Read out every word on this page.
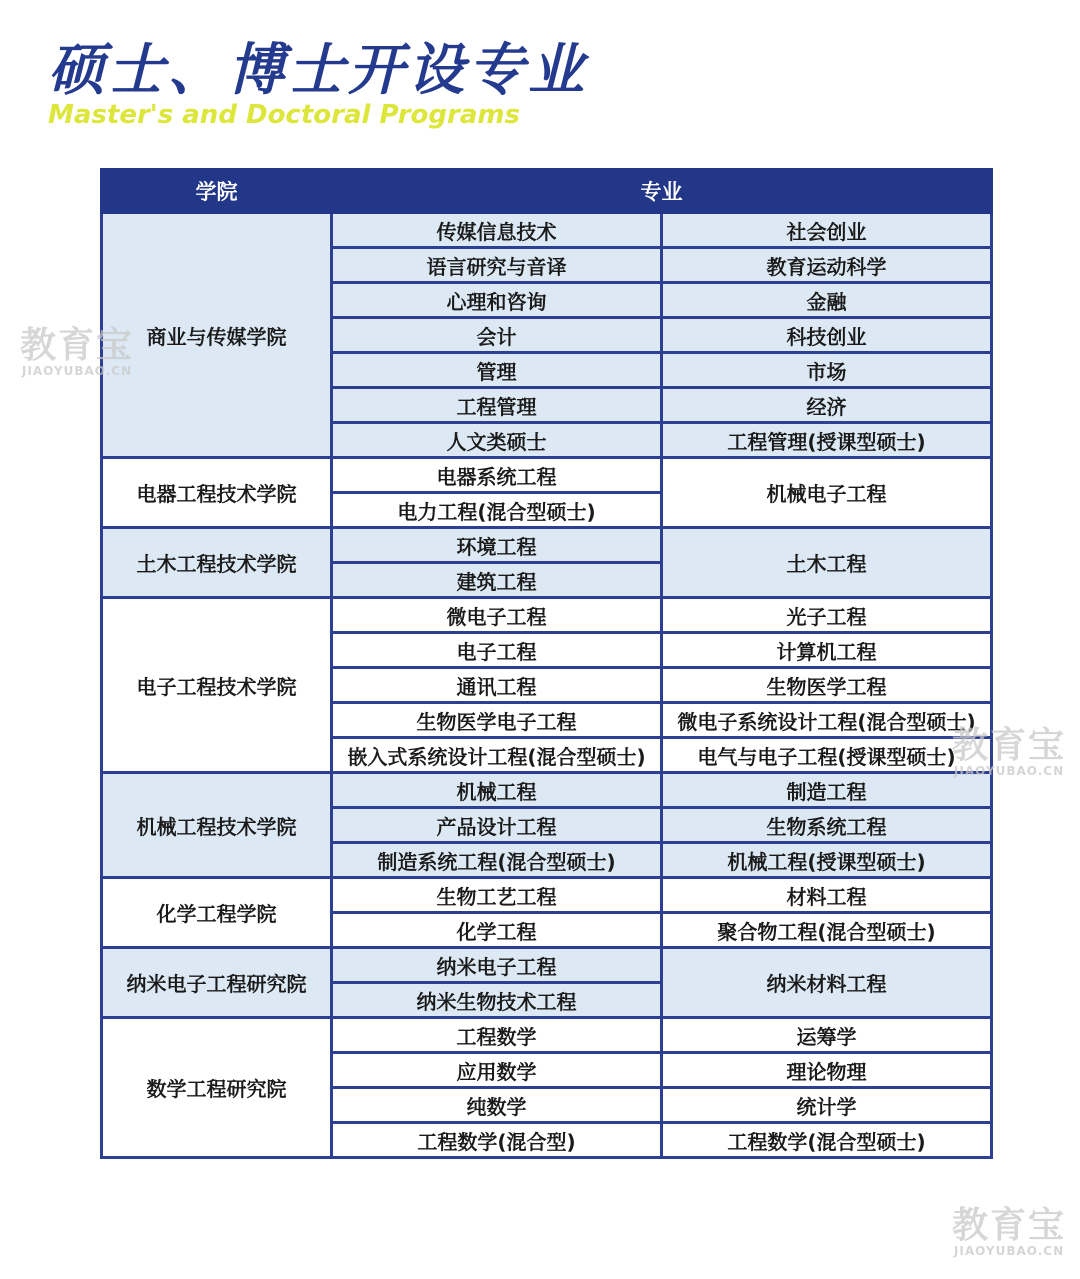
硕士、博士开设专业

Master's and Doctoral Programs

学院	专业	
商业与传媒学院	传媒信息技术	社会创业
	语言研究与音译	教育运动科学
	心理和咨询	金融
	会计	科技创业
	管理	市场
	工程管理	经济
	人文类硕士	工程管理(授课型硕士)
电器工程技术学院	电器系统工程	机械电子工程
	电力工程(混合型硕士)	
土木工程技术学院	环境工程	土木工程
	建筑工程	
电子工程技术学院	微电子工程	光子工程
	电子工程	计算机工程
	通讯工程	生物医学工程
	生物医学电子工程	微电子系统设计工程(混合型硕士)
	嵌入式系统设计工程(混合型硕士)	电气与电子工程(授课型硕士)
机械工程技术学院	机械工程	制造工程
	产品设计工程	生物系统工程
	制造系统工程(混合型硕士)	机械工程(授课型硕士)
化学工程学院	生物工艺工程	材料工程
	化学工程	聚合物工程(混合型硕士)
纳米电子工程研究院	纳米电子工程	纳米材料工程
	纳米生物技术工程	
数学工程研究院	工程数学	运筹学
	应用数学	理论物理
	纯数学	统计学
	工程数学(混合型)	工程数学(混合型硕士)
教育宝
JIAOYUBAO.CN
教育宝
JIAOYUBAO.CN
教育宝
JIAOYUBAO.CN
